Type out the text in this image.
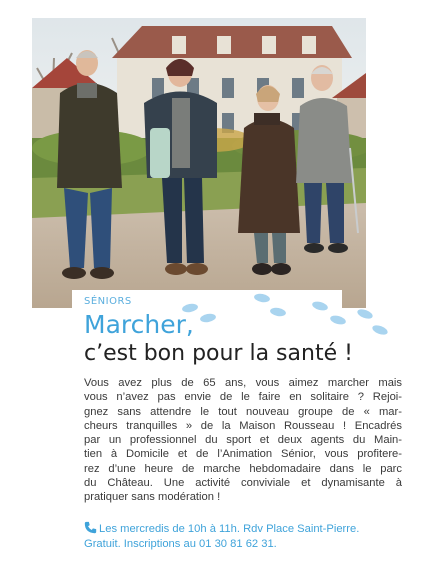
SÉNIORS
Marcher,
c’est bon pour la santé !
Vous avez plus de 65 ans, vous aimez marcher mais
vous n’avez pas envie de le faire en solitaire ? Rejoi-
gnez sans attendre le tout nouveau groupe de « mar-
cheurs tranquilles » de la Maison Rousseau ! Encadrés
par un professionnel du sport et deux agents du Main-
tien à Domicile et de l’Animation Sénior, vous profitere-
rez d’une heure de marche hebdomadaire dans le parc
du Château. Une activité conviviale et dynamisante à
pratiquer sans modération !
Les mercredis de 10h à 11h. Rdv Place Saint-Pierre.
Gratuit. Inscriptions au 01 30 81 62 31.
